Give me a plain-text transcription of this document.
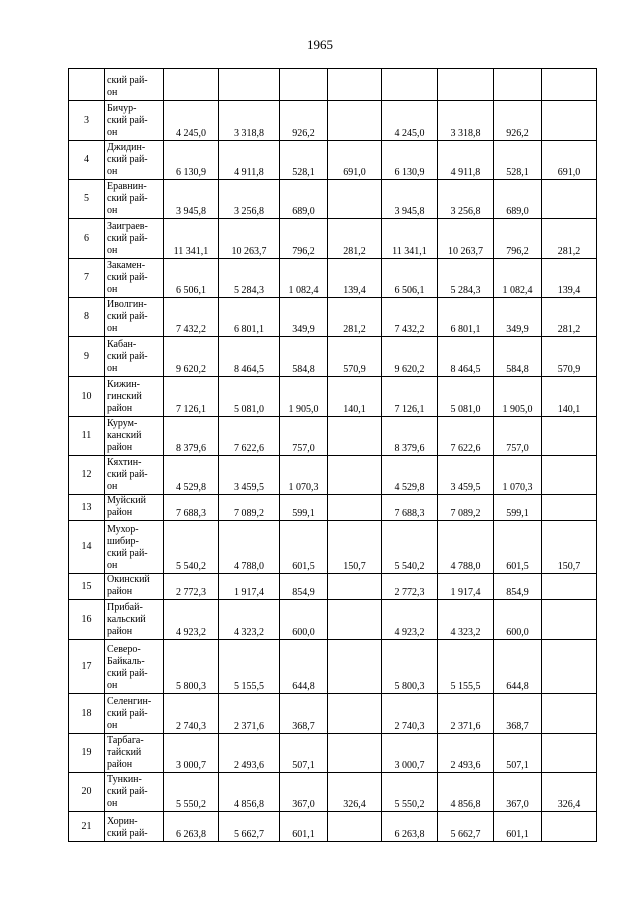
1965
	ский рай-
он								
3	Бичур-
ский рай-
он	4 245,0	3 318,8	926,2		4 245,0	3 318,8	926,2	
4	Джидин-
ский рай-
он	6 130,9	4 911,8	528,1	691,0	6 130,9	4 911,8	528,1	691,0
5	Еравнин-
ский рай-
он	3 945,8	3 256,8	689,0		3 945,8	3 256,8	689,0	
6	Заиграев-
ский рай-
он	11 341,1	10 263,7	796,2	281,2	11 341,1	10 263,7	796,2	281,2
7	Закамен-
ский рай-
он	6 506,1	5 284,3	1 082,4	139,4	6 506,1	5 284,3	1 082,4	139,4
8	Иволгин-
ский рай-
он	7 432,2	6 801,1	349,9	281,2	7 432,2	6 801,1	349,9	281,2
9	Кабан-
ский рай-
он	9 620,2	8 464,5	584,8	570,9	9 620,2	8 464,5	584,8	570,9
10	Кижин-
гинский
район	7 126,1	5 081,0	1 905,0	140,1	7 126,1	5 081,0	1 905,0	140,1
11	Курум-
канский
район	8 379,6	7 622,6	757,0		8 379,6	7 622,6	757,0	
12	Кяхтин-
ский рай-
он	4 529,8	3 459,5	1 070,3		4 529,8	3 459,5	1 070,3	
13	Муйский
район	7 688,3	7 089,2	599,1		7 688,3	7 089,2	599,1	
14	Мухор-
шибир-
ский рай-
он	5 540,2	4 788,0	601,5	150,7	5 540,2	4 788,0	601,5	150,7
15	Окинский
район	2 772,3	1 917,4	854,9		2 772,3	1 917,4	854,9	
16	Прибай-
кальский
район	4 923,2	4 323,2	600,0		4 923,2	4 323,2	600,0	
17	Северо-
Байкаль-
ский рай-
он	5 800,3	5 155,5	644,8		5 800,3	5 155,5	644,8	
18	Селенгин-
ский рай-
он	2 740,3	2 371,6	368,7		2 740,3	2 371,6	368,7	
19	Тарбага-
тайский
район	3 000,7	2 493,6	507,1		3 000,7	2 493,6	507,1	
20	Тункин-
ский рай-
он	5 550,2	4 856,8	367,0	326,4	5 550,2	4 856,8	367,0	326,4
21	Хорин-
ский рай-	6 263,8	5 662,7	601,1		6 263,8	5 662,7	601,1	
